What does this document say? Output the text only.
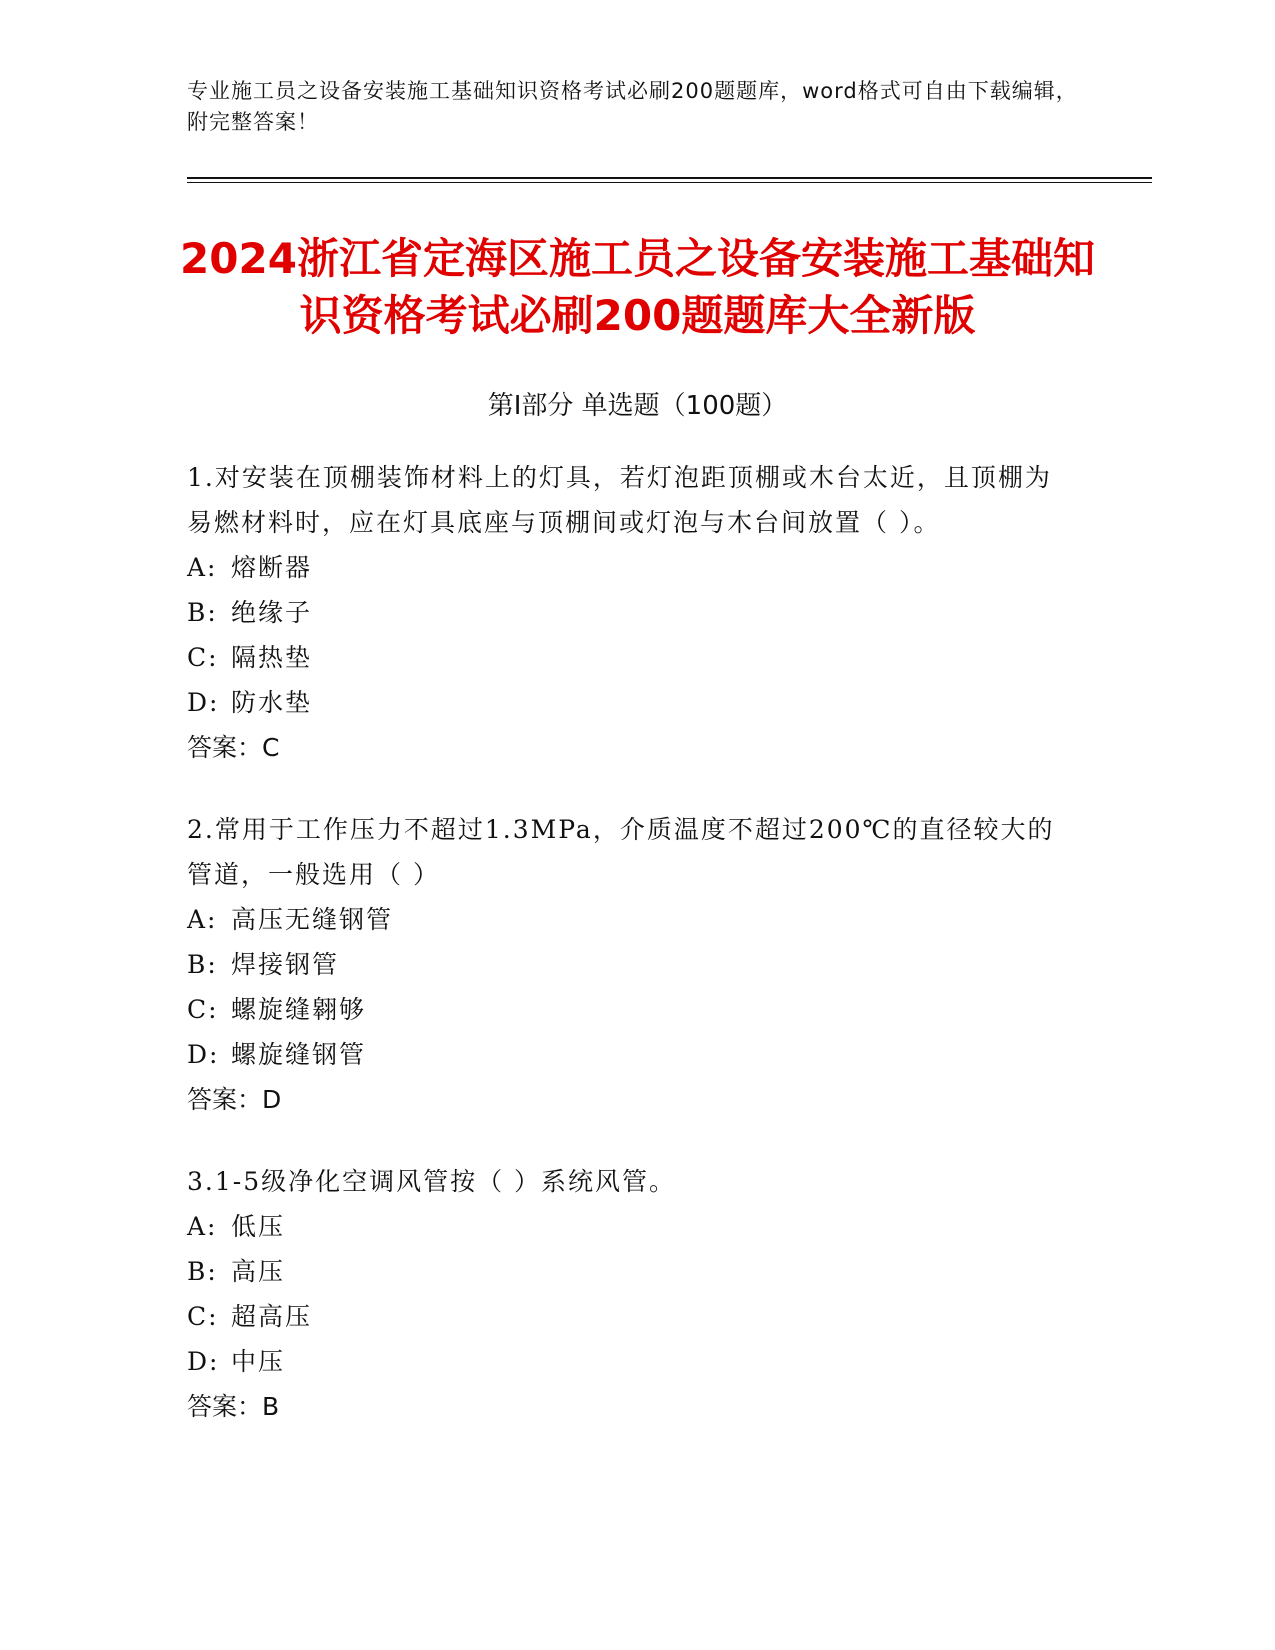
专业施工员之设备安装施工基础知识资格考试必刷200题题库，word格式可自由下载编辑，附完整答案！
2024浙江省定海区施工员之设备安装施工基础知识资格考试必刷200题题库大全新版
第Ⅰ部分 单选题（100题）

1.对安装在顶棚装饰材料上的灯具，若灯泡距顶棚或木台太近，且顶棚为易燃材料时，应在灯具底座与顶棚间或灯泡与木台间放置（ ）。

A: 熔断器

B: 绝缘子

C: 隔热垫

D: 防水垫

答案：C

2.常用于工作压力不超过1.3MPa，介质温度不超过200℃的直径较大的管道，一般选用（ ）

A: 高压无缝钢管

B: 焊接钢管

C: 螺旋缝翱够

D: 螺旋缝钢管

答案：D

3.1-5级净化空调风管按（ ）系统风管。

A: 低压

B: 高压

C: 超高压

D: 中压

答案：B
